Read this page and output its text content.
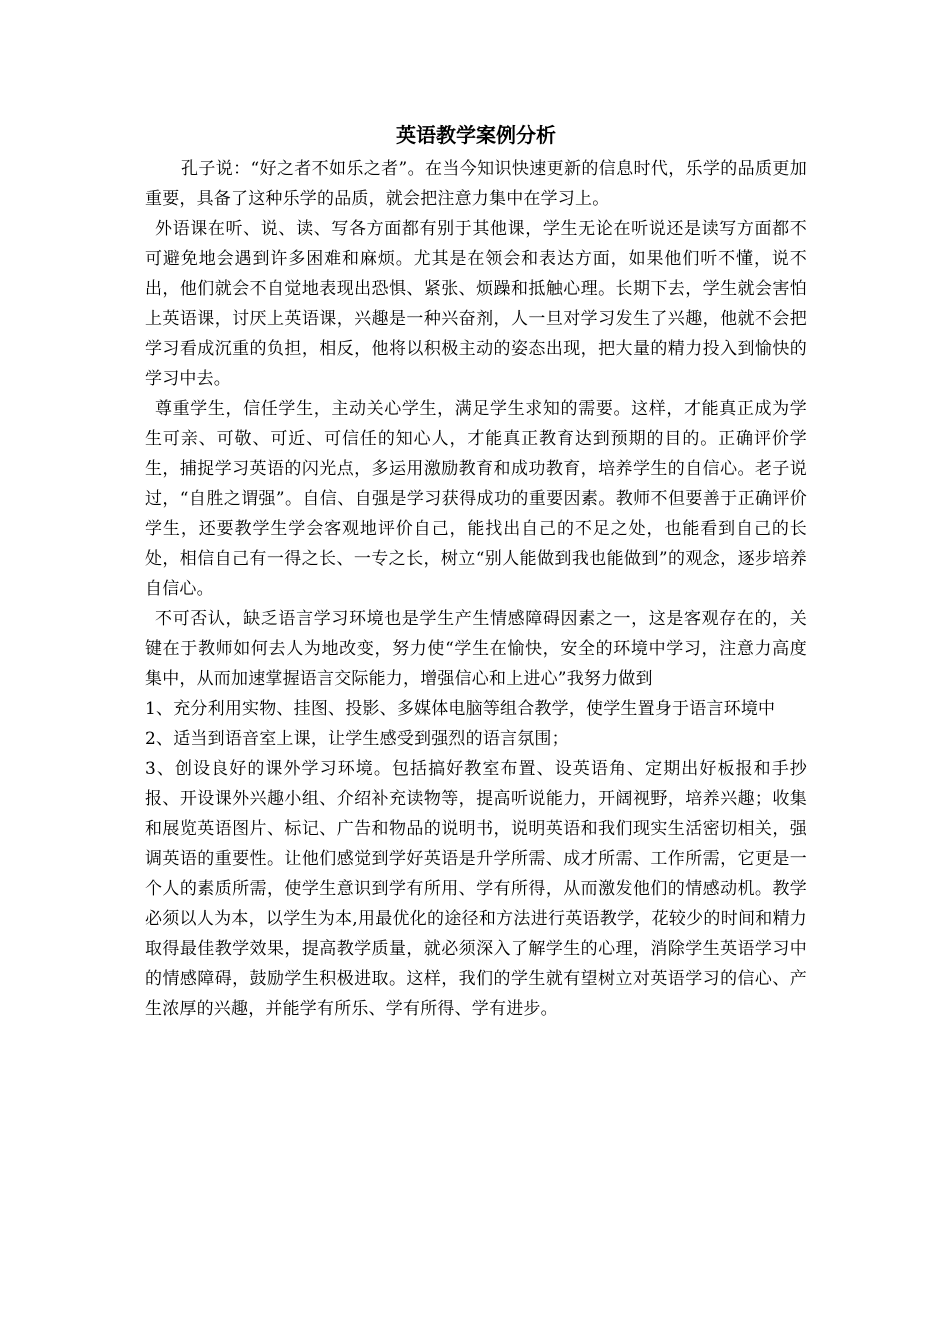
英语教学案例分析

孔子说：“好之者不如乐之者”。在当今知识快速更新的信息时代，乐学的品质更加重要，具备了这种乐学的品质，就会把注意力集中在学习上。

外语课在听、说、读、写各方面都有别于其他课，学生无论在听说还是读写方面都不可避免地会遇到许多困难和麻烦。尤其是在领会和表达方面，如果他们听不懂，说不出，他们就会不自觉地表现出恐惧、紧张、烦躁和抵触心理。长期下去，学生就会害怕上英语课，讨厌上英语课，兴趣是一种兴奋剂，人一旦对学习发生了兴趣，他就不会把学习看成沉重的负担，相反，他将以积极主动的姿态出现，把大量的精力投入到愉快的学习中去。

尊重学生，信任学生，主动关心学生，满足学生求知的需要。这样，才能真正成为学生可亲、可敬、可近、可信任的知心人，才能真正教育达到预期的目的。正确评价学生，捕捉学习英语的闪光点，多运用激励教育和成功教育，培养学生的自信心。老子说过，“自胜之谓强”。自信、自强是学习获得成功的重要因素。教师不但要善于正确评价学生，还要教学生学会客观地评价自己，能找出自己的不足之处，也能看到自己的长处，相信自己有一得之长、一专之长，树立“别人能做到我也能做到”的观念，逐步培养自信心。

不可否认，缺乏语言学习环境也是学生产生情感障碍因素之一，这是客观存在的，关键在于教师如何去人为地改变，努力使“学生在愉快，安全的环境中学习，注意力高度集中，从而加速掌握语言交际能力，增强信心和上进心”我努力做到

1、充分利用实物、挂图、投影、多媒体电脑等组合教学，使学生置身于语言环境中

2、适当到语音室上课，让学生感受到强烈的语言氛围；

3、创设良好的课外学习环境。包括搞好教室布置、设英语角、定期出好板报和手抄报、开设课外兴趣小组、介绍补充读物等，提高听说能力，开阔视野，培养兴趣；收集和展览英语图片、标记、广告和物品的说明书，说明英语和我们现实生活密切相关，强调英语的重要性。让他们感觉到学好英语是升学所需、成才所需、工作所需，它更是一个人的素质所需，使学生意识到学有所用、学有所得，从而激发他们的情感动机。教学必须以人为本，以学生为本,用最优化的途径和方法进行英语教学，花较少的时间和精力取得最佳教学效果，提高教学质量，就必须深入了解学生的心理，消除学生英语学习中的情感障碍，鼓励学生积极进取。这样，我们的学生就有望树立对英语学习的信心、产生浓厚的兴趣，并能学有所乐、学有所得、学有进步。
